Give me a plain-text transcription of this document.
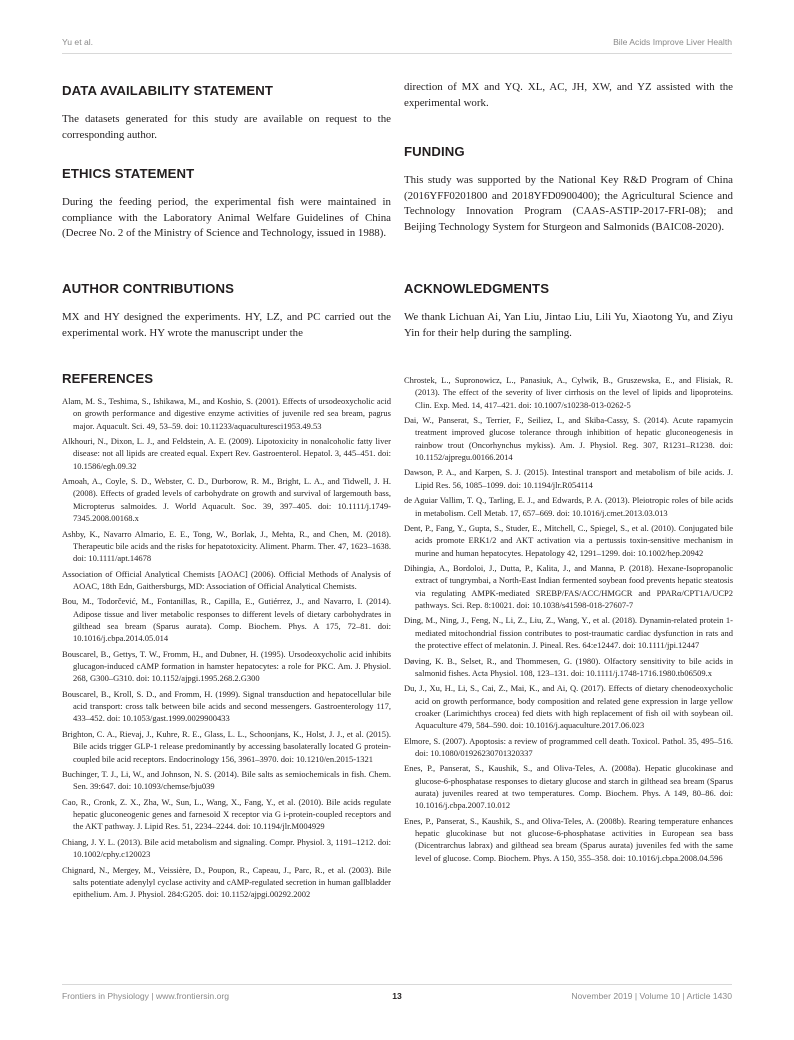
Yu et al.	Bile Acids Improve Liver Health
DATA AVAILABILITY STATEMENT

The datasets generated for this study are available on request to the corresponding author.

ETHICS STATEMENT

During the feeding period, the experimental fish were maintained in compliance with the Laboratory Animal Welfare Guidelines of China (Decree No. 2 of the Ministry of Science and Technology, issued in 1988).

AUTHOR CONTRIBUTIONS

MX and HY designed the experiments. HY, LZ, and PC carried out the experimental work. HY wrote the manuscript under the

direction of MX and YQ. XL, AC, JH, XW, and YZ assisted with the experimental work.

FUNDING

This study was supported by the National Key R&D Program of China (2016YFF0201800 and 2018YFD0900400); the Agricultural Science and Technology Innovation Program (CAAS-ASTIP-2017-FRI-08); and Beijing Technology System for Sturgeon and Salmonids (BAIC08-2020).

ACKNOWLEDGMENTS

We thank Lichuan Ai, Yan Liu, Jintao Liu, Lili Yu, Xiaotong Yu, and Ziyu Yin for their help during the sampling.

REFERENCES
Alam, M. S., Teshima, S., Ishikawa, M., and Koshio, S. (2001). Effects of ursodeoxycholic acid on growth performance and digestive enzyme activities of juvenile red sea bream, pagrus major. Aquacult. Sci. 49, 53–59. doi: 10.11233/aquaculturesci1953.49.53
Alkhouri, N., Dixon, L. J., and Feldstein, A. E. (2009). Lipotoxicity in nonalcoholic fatty liver disease: not all lipids are created equal. Expert Rev. Gastroenterol. Hepatol. 3, 445–451. doi: 10.1586/egh.09.32
Amoah, A., Coyle, S. D., Webster, C. D., Durborow, R. M., Bright, L. A., and Tidwell, J. H. (2008). Effects of graded levels of carbohydrate on growth and survival of largemouth bass, Micropterus salmoides. J. World Aquacult. Soc. 39, 397–405. doi: 10.1111/j.1749-7345.2008.00168.x
Ashby, K., Navarro Almario, E. E., Tong, W., Borlak, J., Mehta, R., and Chen, M. (2018). Therapeutic bile acids and the risks for hepatotoxicity. Aliment. Pharm. Ther. 47, 1623–1638. doi: 10.1111/apt.14678
Association of Official Analytical Chemists [AOAC] (2006). Official Methods of Analysis of AOAC, 18th Edn, Gaithersburgs, MD: Association of Official Analytical Chemists.
Bou, M., Todorčević, M., Fontanillas, R., Capilla, E., Gutiérrez, J., and Navarro, I. (2014). Adipose tissue and liver metabolic responses to different levels of dietary carbohydrates in gilthead sea bream (Sparus aurata). Comp. Biochem. Phys. A 175, 72–81. doi: 10.1016/j.cbpa.2014.05.014
Bouscarel, B., Gettys, T. W., Fromm, H., and Dubner, H. (1995). Ursodeoxycholic acid inhibits glucagon-induced cAMP formation in hamster hepatocytes: a role for PKC. Am. J. Physiol. 268, G300–G310. doi: 10.1152/ajpgi.1995.268.2.G300
Bouscarel, B., Kroll, S. D., and Fromm, H. (1999). Signal transduction and hepatocellular bile acid transport: cross talk between bile acids and second messengers. Gastroenterology 117, 433–452. doi: 10.1053/gast.1999.0029900433
Brighton, C. A., Rievaj, J., Kuhre, R. E., Glass, L. L., Schoonjans, K., Holst, J. J., et al. (2015). Bile acids trigger GLP-1 release predominantly by accessing basolaterally located G protein-coupled bile acid receptors. Endocrinology 156, 3961–3970. doi: 10.1210/en.2015-1321
Buchinger, T. J., Li, W., and Johnson, N. S. (2014). Bile salts as semiochemicals in fish. Chem. Sen. 39:647. doi: 10.1093/chemse/bju039
Cao, R., Cronk, Z. X., Zha, W., Sun, L., Wang, X., Fang, Y., et al. (2010). Bile acids regulate hepatic gluconeogenic genes and farnesoid X receptor via G i-protein-coupled receptors and the AKT pathway. J. Lipid Res. 51, 2234–2244. doi: 10.1194/jlr.M004929
Chiang, J. Y. L. (2013). Bile acid metabolism and signaling. Compr. Physiol. 3, 1191–1212. doi: 10.1002/cphy.c120023
Chignard, N., Mergey, M., Veissière, D., Poupon, R., Capeau, J., Parc, R., et al. (2003). Bile salts potentiate adenylyl cyclase activity and cAMP-regulated secretion in human gallbladder epithelium. Am. J. Physiol. 284:G205. doi: 10.1152/ajpgi.00292.2002
Chrostek, L., Supronowicz, L., Panasiuk, A., Cylwik, B., Gruszewska, E., and Flisiak, R. (2013). The effect of the severity of liver cirrhosis on the level of lipids and lipoproteins. Clin. Exp. Med. 14, 417–421. doi: 10.1007/s10238-013-0262-5
Dai, W., Panserat, S., Terrier, F., Seiliez, I., and Skiba-Cassy, S. (2014). Acute rapamycin treatment improved glucose tolerance through inhibition of hepatic gluconeogenesis in rainbow trout (Oncorhynchus mykiss). Am. J. Physiol. Reg. 307, R1231–R1238. doi: 10.1152/ajpregu.00166.2014
Dawson, P. A., and Karpen, S. J. (2015). Intestinal transport and metabolism of bile acids. J. Lipid Res. 56, 1085–1099. doi: 10.1194/jlr.R054114
de Aguiar Vallim, T. Q., Tarling, E. J., and Edwards, P. A. (2013). Pleiotropic roles of bile acids in metabolism. Cell Metab. 17, 657–669. doi: 10.1016/j.cmet.2013.03.013
Dent, P., Fang, Y., Gupta, S., Studer, E., Mitchell, C., Spiegel, S., et al. (2010). Conjugated bile acids promote ERK1/2 and AKT activation via a pertussis toxin-sensitive mechanism in murine and human hepatocytes. Hepatology 42, 1291–1299. doi: 10.1002/hep.20942
Dihingia, A., Bordoloi, J., Dutta, P., Kalita, J., and Manna, P. (2018). Hexane-Isopropanolic extract of tungrymbai, a North-East Indian fermented soybean food prevents hepatic steatosis via regulating AMPK-mediated SREBP/FAS/ACC/HMGCR and PPARα/CPT1A/UCP2 pathways. Sci. Rep. 8:10021. doi: 10.1038/s41598-018-27607-7
Ding, M., Ning, J., Feng, N., Li, Z., Liu, Z., Wang, Y., et al. (2018). Dynamin-related protein 1-mediated mitochondrial fission contributes to post-traumatic cardiac dysfunction in rats and the protective effect of melatonin. J. Pineal. Res. 64:e12447. doi: 10.1111/jpi.12447
Døving, K. B., Selset, R., and Thommesen, G. (1980). Olfactory sensitivity to bile acids in salmonid fishes. Acta Physiol. 108, 123–131. doi: 10.1111/j.1748-1716.1980.tb06509.x
Du, J., Xu, H., Li, S., Cai, Z., Mai, K., and Ai, Q. (2017). Effects of dietary chenodeoxycholic acid on growth performance, body composition and related gene expression in large yellow croaker (Larimichthys crocea) fed diets with high replacement of fish oil with soybean oil. Aquaculture 479, 584–590. doi: 10.1016/j.aquaculture.2017.06.023
Elmore, S. (2007). Apoptosis: a review of programmed cell death. Toxicol. Pathol. 35, 495–516. doi: 10.1080/01926230701320337
Enes, P., Panserat, S., Kaushik, S., and Oliva-Teles, A. (2008a). Hepatic glucokinase and glucose-6-phosphatase responses to dietary glucose and starch in gilthead sea bream (Sparus aurata) juveniles reared at two temperatures. Comp. Biochem. Phys. A 149, 80–86. doi: 10.1016/j.cbpa.2007.10.012
Enes, P., Panserat, S., Kaushik, S., and Oliva-Teles, A. (2008b). Rearing temperature enhances hepatic glucokinase but not glucose-6-phosphatase activities in European sea bass (Dicentrarchus labrax) and gilthead sea bream (Sparus aurata) juveniles fed with the same level of glucose. Comp. Biochem. Phys. A 150, 355–358. doi: 10.1016/j.cbpa.2008.04.596
Frontiers in Physiology | www.frontiersin.org	13	November 2019 | Volume 10 | Article 1430
